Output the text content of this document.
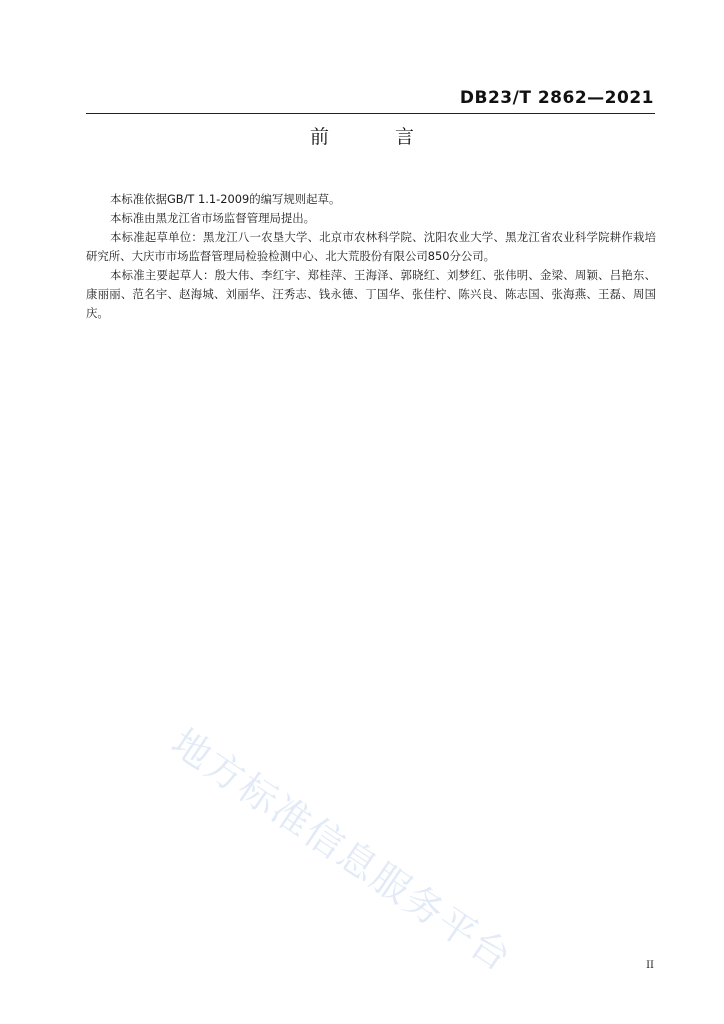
DB23/T 2862—2021
前 言

本标准依据GB/T 1.1-2009的编写规则起草。

本标准由黑龙江省市场监督管理局提出。

本标准起草单位：黑龙江八一农垦大学、北京市农林科学院、沈阳农业大学、黑龙江省农业科学院耕作栽培研究所、大庆市市场监督管理局检验检测中心、北大荒股份有限公司850分公司。

本标准主要起草人：殷大伟、李红宇、郑桂萍、王海泽、郭晓红、刘梦红、张伟明、金梁、周颖、吕艳东、康丽丽、范名宇、赵海城、刘丽华、汪秀志、钱永德、丁国华、张佳柠、陈兴良、陈志国、张海燕、王磊、周国庆。

地方标准信息服务平台	II
